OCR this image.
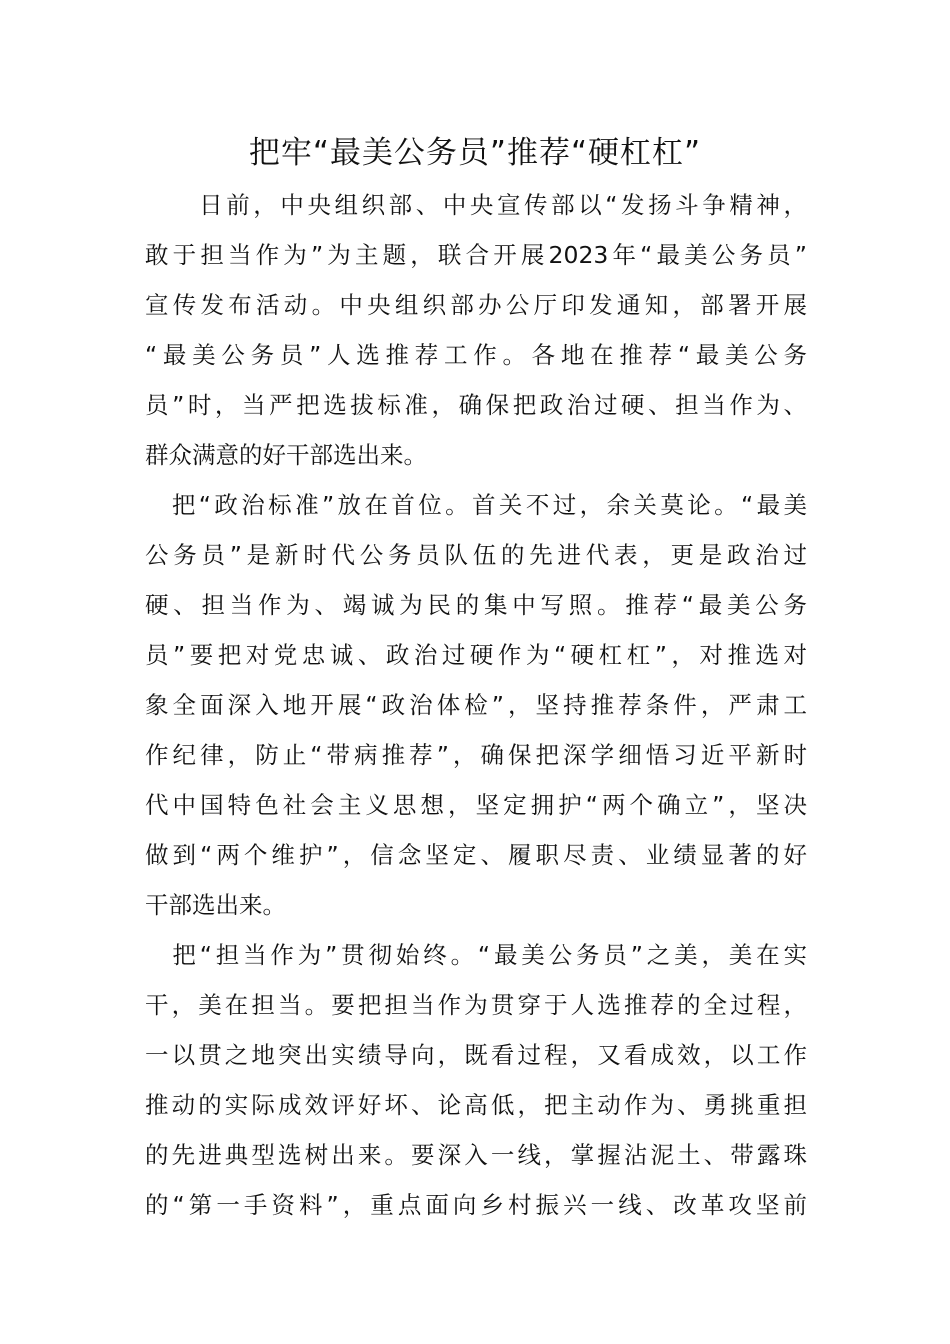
把牢“最美公务员”推荐“硬杠杠”
　　日前，中央组织部、中央宣传部以“发扬斗争精神，
敢于担当作为”为主题，联合开展2023年“最美公务员”
宣传发布活动。中央组织部办公厅印发通知，部署开展
“最美公务员”人选推荐工作。各地在推荐“最美公务
员”时，当严把选拔标准，确保把政治过硬、担当作为、
群众满意的好干部选出来。
　把“政治标准”放在首位。首关不过，余关莫论。“最美
公务员”是新时代公务员队伍的先进代表，更是政治过
硬、担当作为、竭诚为民的集中写照。推荐“最美公务
员”要把对党忠诚、政治过硬作为“硬杠杠”，对推选对
象全面深入地开展“政治体检”，坚持推荐条件，严肃工
作纪律，防止“带病推荐”，确保把深学细悟习近平新时
代中国特色社会主义思想，坚定拥护“两个确立”，坚决
做到“两个维护”，信念坚定、履职尽责、业绩显著的好
干部选出来。
　把“担当作为”贯彻始终。“最美公务员”之美，美在实
干，美在担当。要把担当作为贯穿于人选推荐的全过程，
一以贯之地突出实绩导向，既看过程，又看成效，以工作
推动的实际成效评好坏、论高低，把主动作为、勇挑重担
的先进典型选树出来。要深入一线，掌握沾泥土、带露珠
的“第一手资料”，重点面向乡村振兴一线、改革攻坚前
